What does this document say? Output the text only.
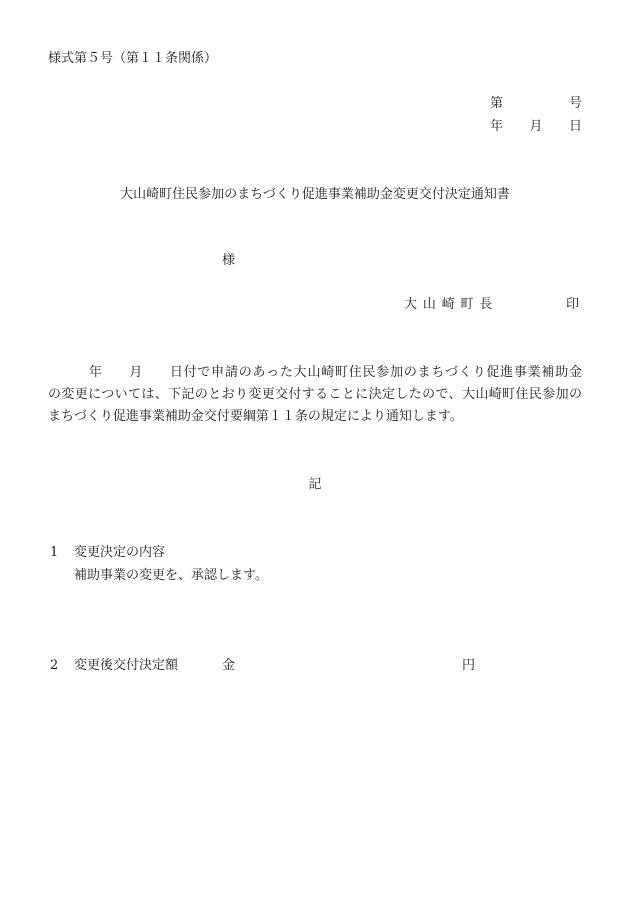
様式第５号（第１１条関係）
第	号
年 月 日
大山崎町住民参加のまちづくり促進事業補助金変更交付決定通知書
様
大山崎町長	印
年 月 日付で申請のあった大山崎町住民参加のまちづくり促進事業補助金
の変更については、下記のとおり変更交付することに決定したので、大山崎町住民参加の
まちづくり促進事業補助金交付要綱第１１条の規定により通知します。
記
1 変更決定の内容
補助事業の変更を、承認します。
2 変更後交付決定額	金	円
